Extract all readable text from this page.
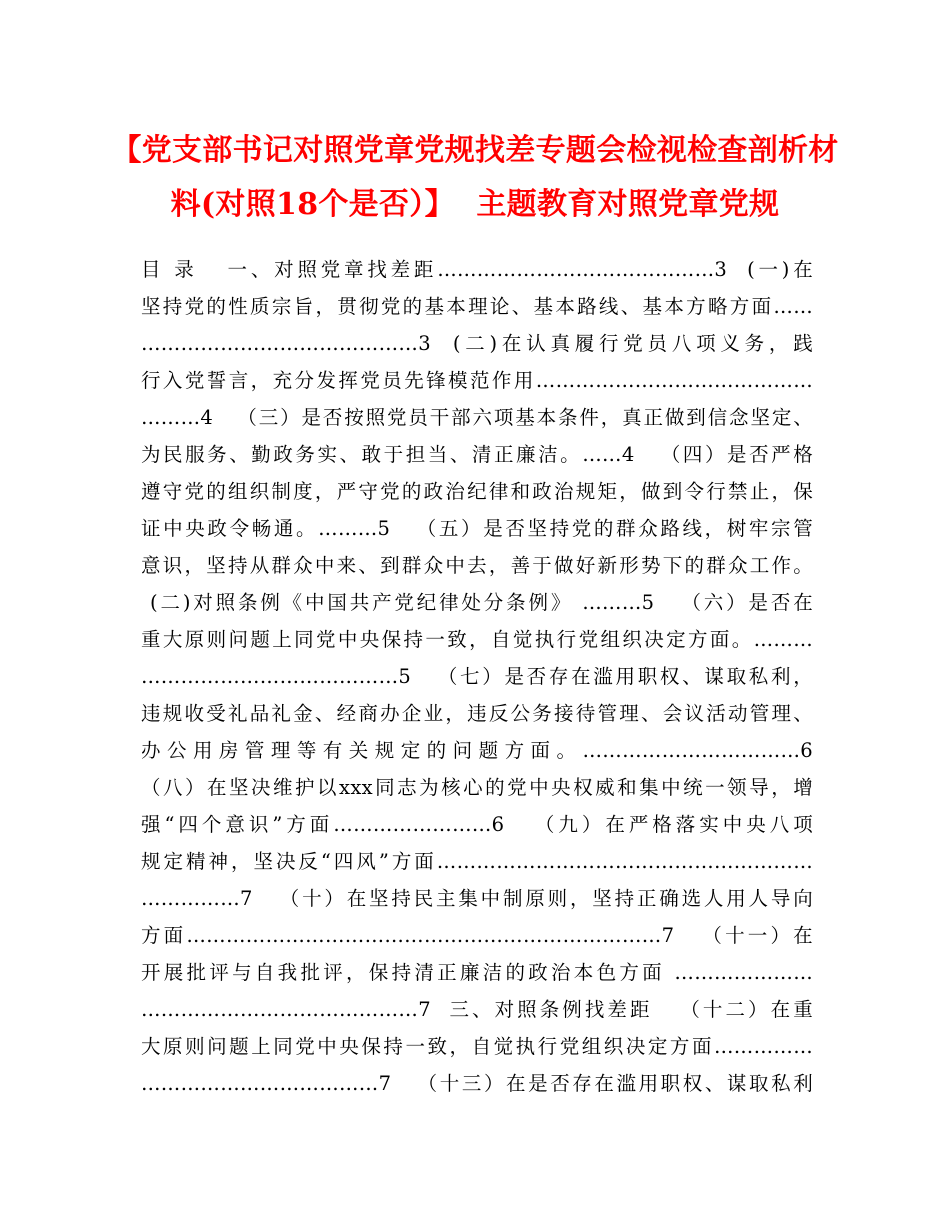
【党支部书记对照党章党规找差专题会检视检查剖析材
料(对照18个是否）】  主题教育对照党章党规
目 录   一、对照党章找差距……………………………………3  (一)在
坚持党的性质宗旨，贯彻党的基本理论、基本路线、基本方略方面……
……………………………………3  (二)在认真履行党员八项义务，践
行入党誓言，充分发挥党员先锋模范作用……………………………………
………4   （三）是否按照党员干部六项基本条件，真正做到信念坚定、
为民服务、勤政务实、敢于担当、清正廉洁。……4   （四）是否严格
遵守党的组织制度，严守党的政治纪律和政治规矩，做到令行禁止，保
证中央政令畅通。………5   （五）是否坚持党的群众路线，树牢宗管
意识，坚持从群众中来、到群众中去，善于做好新形势下的群众工作。
(二)对照条例《中国共产党纪律处分条例》 ………5   （六）是否在
重大原则问题上同党中央保持一致，自觉执行党组织决定方面。………
…………………………………5   （七）是否存在滥用职权、谋取私利，
违规收受礼品礼金、经商办企业，违反公务接待管理、会议活动管理、
办公用房管理等有关规定的问题方面。……………………………6
（八）在坚决维护以xxx同志为核心的党中央权威和集中统一领导，增
强“四个意识”方面……………………6   （九）在严格落实中央八项
规定精神，坚决反“四风”方面…………………………………………………
……………7   （十）在坚持民主集中制原则，坚持正确选人用人导向
方面………………………………………………………………7   （十一）在
开展批评与自我批评，保持清正廉洁的政治本色方面 …………………
……………………………………7  三、对照条例找差距   （十二）在重
大原则问题上同党中央保持一致，自觉执行党组织决定方面……………
………………………………7   （十三）在是否存在滥用职权、谋取私利
